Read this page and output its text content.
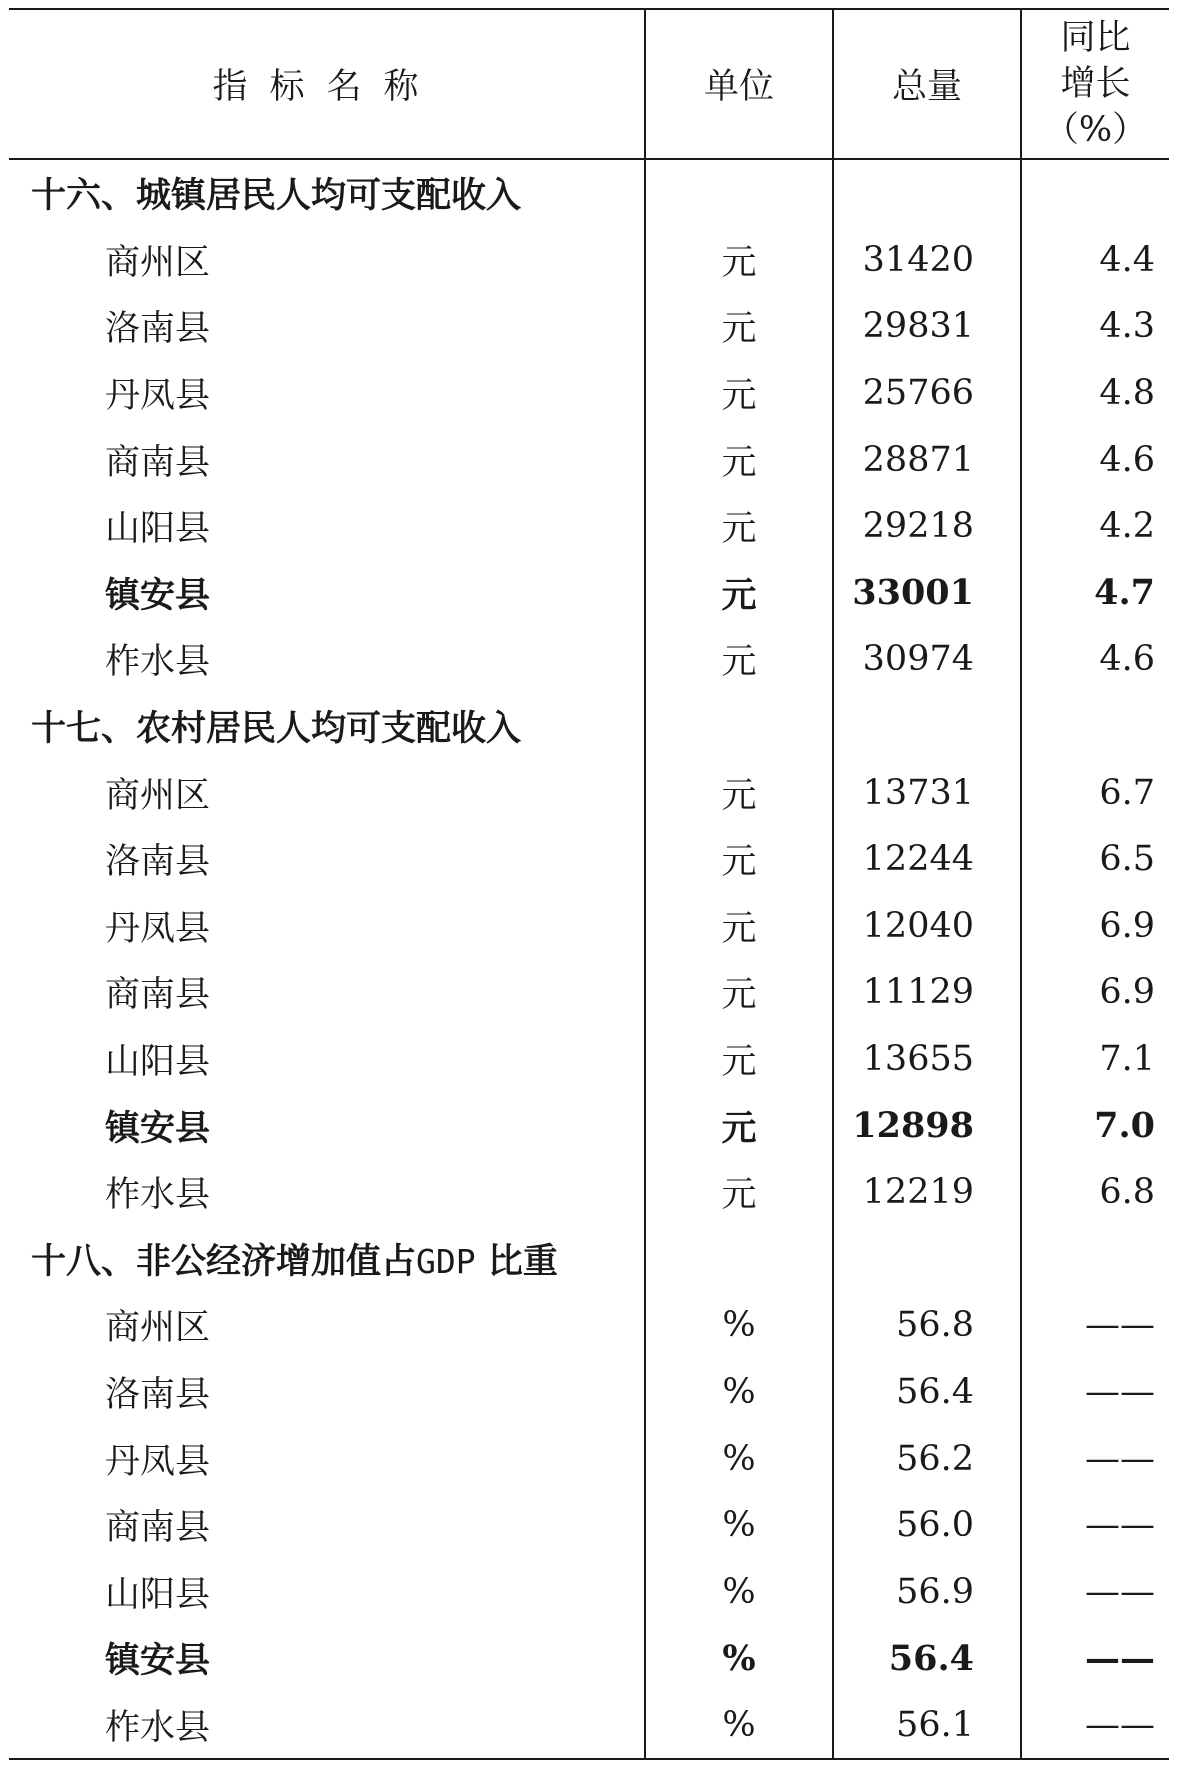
指标名称	单位	总量	同比
增长
（%）
十六、城镇居民人均可支配收入			
商州区	元	31420	4.4
洛南县	元	29831	4.3
丹凤县	元	25766	4.8
商南县	元	28871	4.6
山阳县	元	29218	4.2
镇安县	元	33001	4.7
柞水县	元	30974	4.6
十七、农村居民人均可支配收入			
商州区	元	13731	6.7
洛南县	元	12244	6.5
丹凤县	元	12040	6.9
商南县	元	11129	6.9
山阳县	元	13655	7.1
镇安县	元	12898	7.0
柞水县	元	12219	6.8
十八、非公经济增加值占GDP 比重			
商州区	%	56.8	——
洛南县	%	56.4	——
丹凤县	%	56.2	——
商南县	%	56.0	——
山阳县	%	56.9	——
镇安县	%	56.4	——
柞水县	%	56.1	——
